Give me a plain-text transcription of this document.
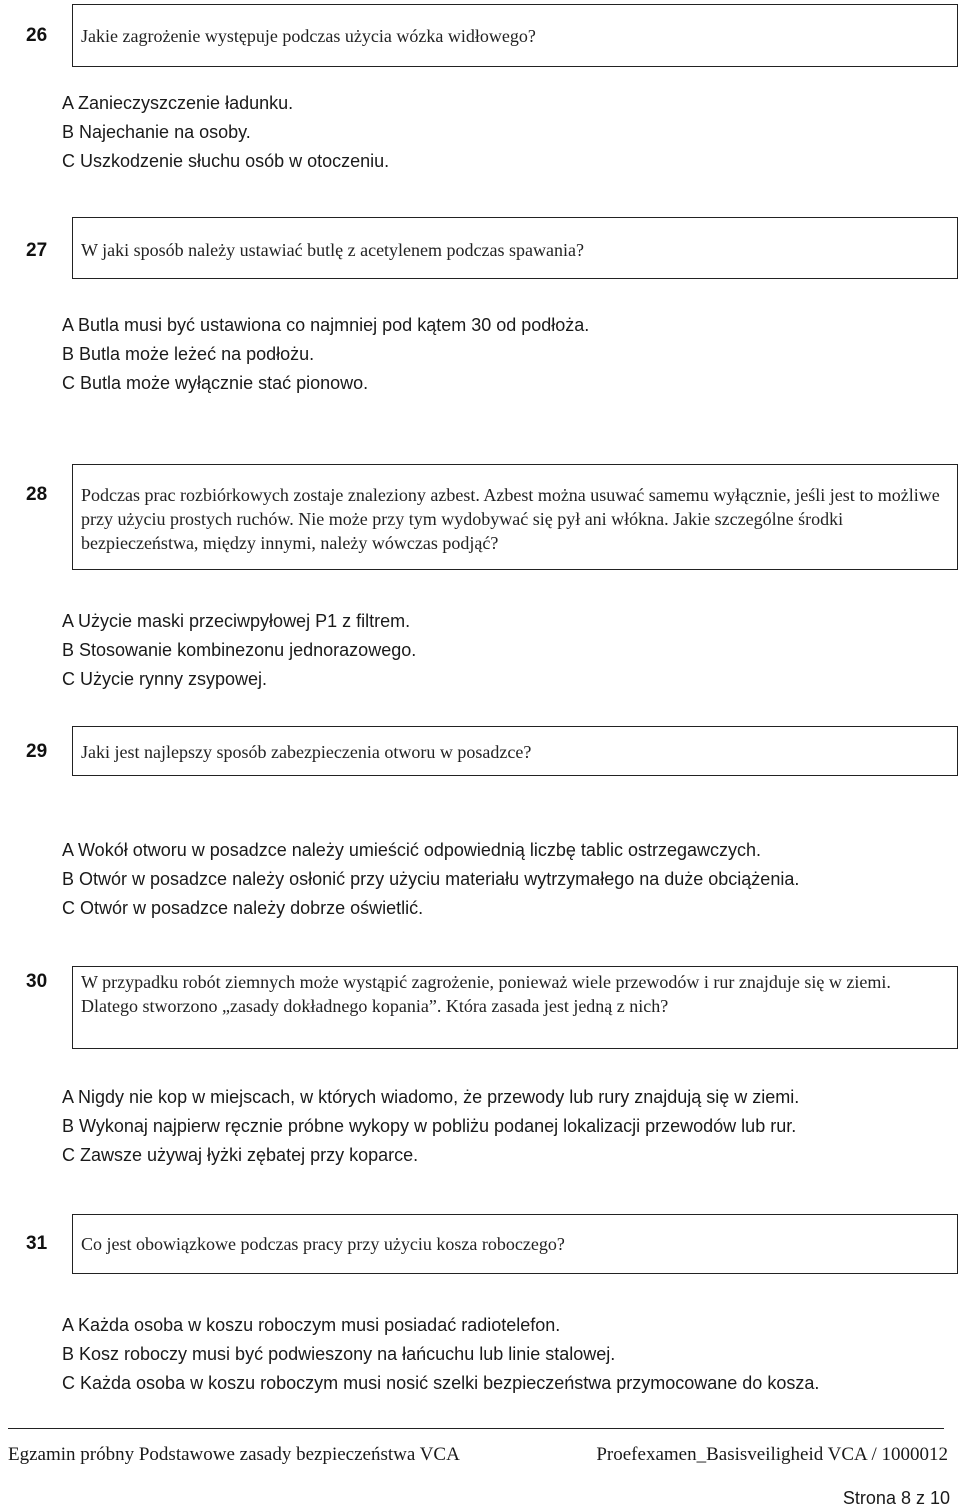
26	Jakie zagrożenie występuje podczas użycia wózka widłowego?
A Zanieczyszczenie ładunku.
B Najechanie na osoby.
C Uszkodzenie słuchu osób w otoczeniu.
27	W jaki sposób należy ustawiać butlę z acetylenem podczas spawania?
A Butla musi być ustawiona co najmniej pod kątem 30 od podłoża.
B Butla może leżeć na podłożu.
C Butla może wyłącznie stać pionowo.
28	Podczas prac rozbiórkowych zostaje znaleziony azbest. Azbest można usuwać samemu wyłącznie, jeśli jest to możliwe przy użyciu prostych ruchów. Nie może przy tym wydobywać się pył ani włókna. Jakie szczególne środki bezpieczeństwa, między innymi, należy wówczas podjąć?
A Użycie maski przeciwpyłowej P1 z filtrem.
B Stosowanie kombinezonu jednorazowego.
C Użycie rynny zsypowej.
29	Jaki jest najlepszy sposób zabezpieczenia otworu w posadzce?
A Wokół otworu w posadzce należy umieścić odpowiednią liczbę tablic ostrzegawczych.
B Otwór w posadzce należy osłonić przy użyciu materiału wytrzymałego na duże obciążenia.
C Otwór w posadzce należy dobrze oświetlić.
30	W przypadku robót ziemnych może wystąpić zagrożenie, ponieważ wiele przewodów i rur znajduje się w ziemi. Dlatego stworzono „zasady dokładnego kopania”. Która zasada jest jedną z nich?
A Nigdy nie kop w miejscach, w których wiadomo, że przewody lub rury znajdują się w ziemi.
B Wykonaj najpierw ręcznie próbne wykopy w pobliżu podanej lokalizacji przewodów lub rur.
C Zawsze używaj łyżki zębatej przy koparce.
31	Co jest obowiązkowe podczas pracy przy użyciu kosza roboczego?
A Każda osoba w koszu roboczym musi posiadać radiotelefon.
B Kosz roboczy musi być podwieszony na łańcuchu lub linie stalowej.
C Każda osoba w koszu roboczym musi nosić szelki bezpieczeństwa przymocowane do kosza.
Egzamin próbny Podstawowe zasady bezpieczeństwa VCA	Proefexamen_Basisveiligheid VCA / 1000012
Strona 8 z 10
